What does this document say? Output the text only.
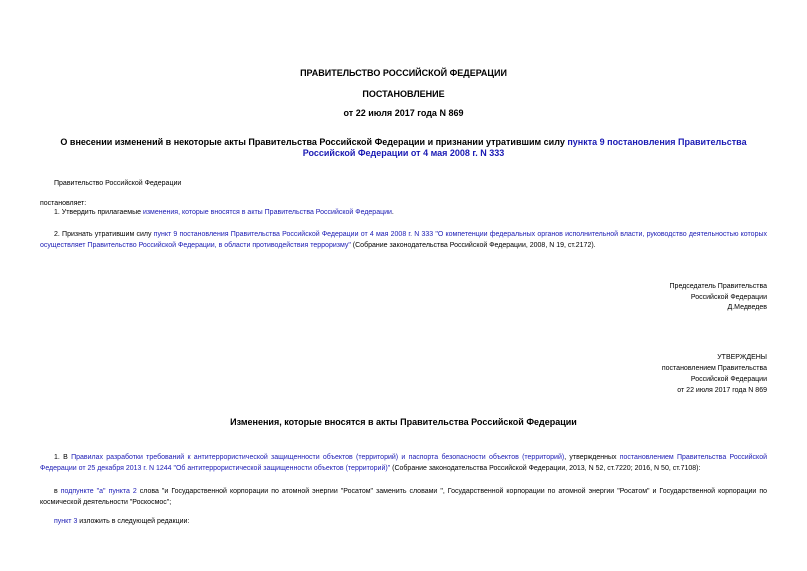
ПРАВИТЕЛЬСТВО РОССИЙСКОЙ ФЕДЕРАЦИИ
ПОСТАНОВЛЕНИЕ
от 22 июля 2017 года N 869
О внесении изменений в некоторые акты Правительства Российской Федерации и признании утратившим силу пункта 9 постановления Правительства Российской Федерации от 4 мая 2008 г. N 333
Правительство Российской Федерации
постановляет:
1. Утвердить прилагаемые изменения, которые вносятся в акты Правительства Российской Федерации.
2. Признать утратившим силу пункт 9 постановления Правительства Российской Федерации от 4 мая 2008 г. N 333 "О компетенции федеральных органов исполнительной власти, руководство деятельностью которых осуществляет Правительство Российской Федерации, в области противодействия терроризму" (Собрание законодательства Российской Федерации, 2008, N 19, ст.2172).
Председатель Правительства
Российской Федерации
Д.Медведев
УТВЕРЖДЕНЫ
постановлением Правительства
Российской Федерации
от 22 июля 2017 года N 869
Изменения, которые вносятся в акты Правительства Российской Федерации
1. В Правилах разработки требований к антитеррористической защищенности объектов (территорий) и паспорта безопасности объектов (территорий), утвержденных постановлением Правительства Российской Федерации от 25 декабря 2013 г. N 1244 "Об антитеррористической защищенности объектов (территорий)" (Собрание законодательства Российской Федерации, 2013, N 52, ст.7220; 2016, N 50, ст.7108):
в подпункте "а" пункта 2 слова "и Государственной корпорации по атомной энергии "Росатом" заменить словами ", Государственной корпорации по атомной энергии "Росатом" и Государственной корпорации по космической деятельности "Роскосмос";
пункт 3 изложить в следующей редакции:
